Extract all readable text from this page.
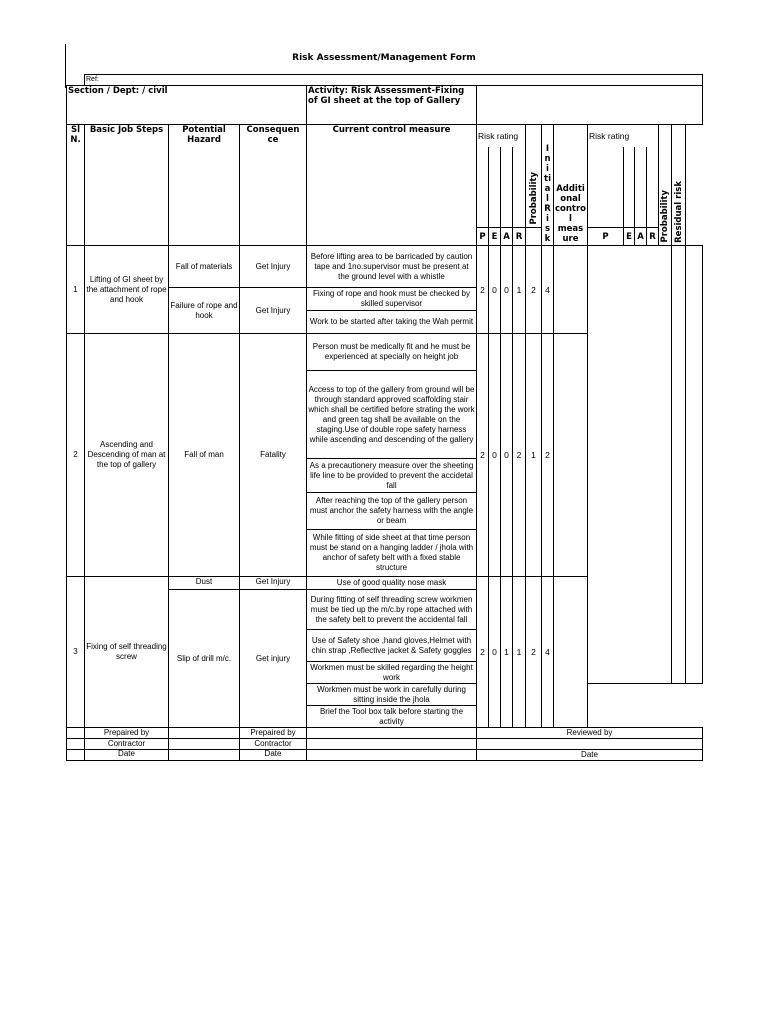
Risk Assessment/Management Form
	Ref:																	
Section / Dept: / civil				Activity: Risk Assessment-Fixing of GI sheet at the top of Gallery														
Sl N.	Basic Job Steps	Potential Hazard	Consequen ce	Current control measure	Risk rating				Probability	I ni ti al R is k	Additi onal contro l meas ure	Risk rating				Probability	Residual risk	

					P	E	A	R				P	E	A	R			
1	Lifting of GI sheet by the attachment of rope and hook	Fall of materials	Get Injury	Before lifting area to be barricaded by caution tape and 1no.supervisor must be present at the ground level with a whistle	2	0	0	1	2	4								
		Failure of rope and hook	Get Injury	Fixing of rope and hook must be checked by skilled supervisor														
				Work to be started after taking the Wah permit														
2	Ascending and Descending of man at the top of gallery	Fall of man	Fatality	Person must be medically fit and he must be experienced at specially on height job	2	0	0	2	1	2								
				Access to top of the gallery from ground will be through standard approved scaffolding stair which shall be certified before strating the work and green tag shall be available on the staging.Use of double rope safety harness while ascending and descending of the gallery														
				As a precautionery measure over the sheeting life line to be provided to prevent the accidetal fall														
				After reaching the top of the gallery person must anchor the safety harness with the angle or beam														
				While fitting of side sheet at that time person must be stand on a hanging ladder / jhola with anchor of safety belt with a fixed stable structure														
3	Fixing of self threading screw	Dust	Get Injury	Use of good quality nose mask	2	0	1	1	2	4								
		Slip of drill m/c.	Get injury	During fitting of self threading screw workmen must be tied up the m/c.by rope attached with the safety belt to prevent the accidental fall														
				Use of Safety shoe ,hand gloves,Helmet with chin strap ,Reflective jacket & Safety goggles														
				Workmen must be skilled regarding the height work														
				Workmen must be work in carefully during sitting inside the jhola														
				Brief the Tool box talk before starting the activity														
	Prepaired by		Prepaired by		Reviewed by													
	Contractor		Contractor															
	Date		Date		Date													
